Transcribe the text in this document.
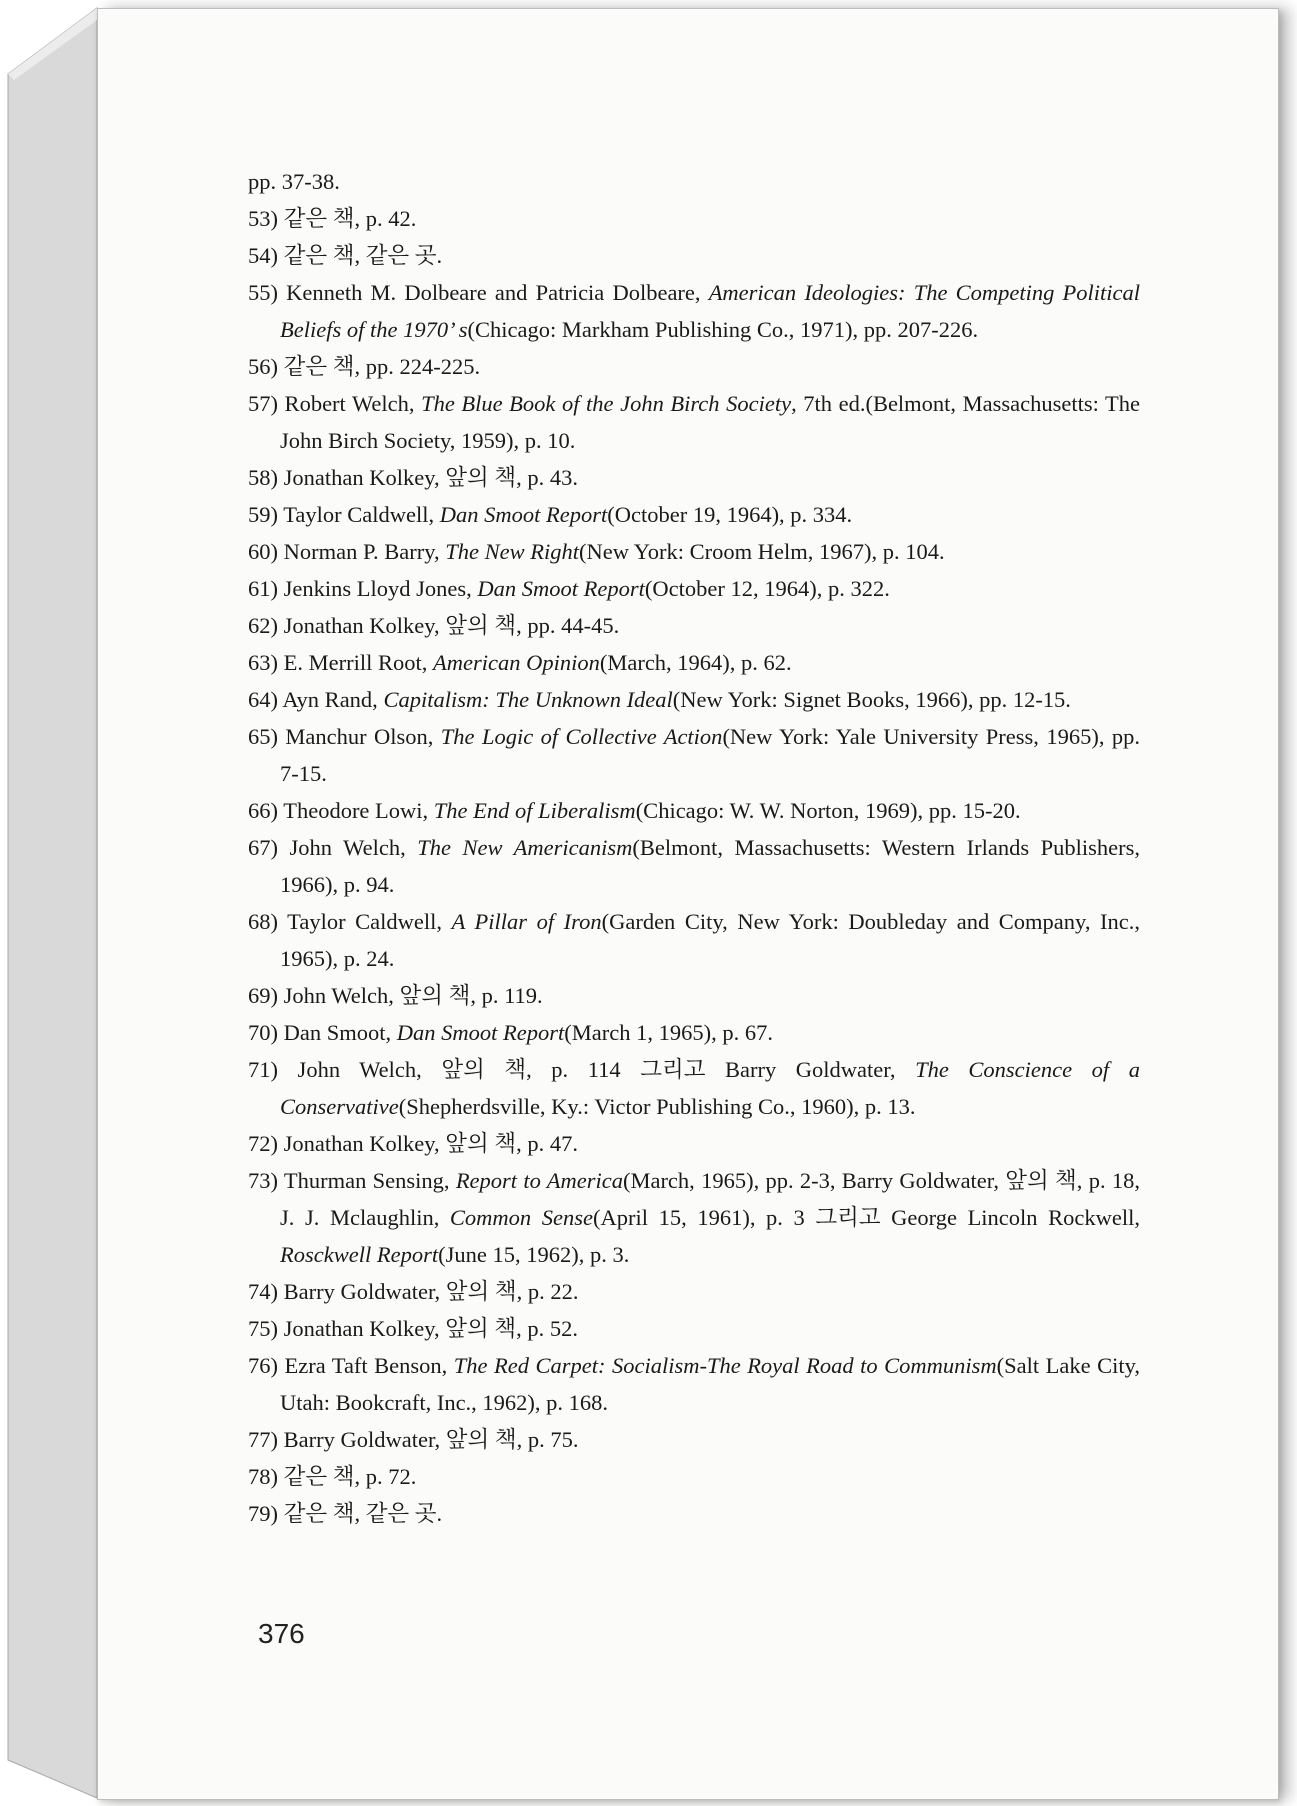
pp. 37-38.

53) 같은 책, p. 42.

54) 같은 책, 같은 곳.

55) Kenneth M. Dolbeare and Patricia Dolbeare, American Ideologies: The Competing Political Beliefs of the 1970’ s(Chicago: Markham Publishing Co., 1971), pp. 207-226.

56) 같은 책, pp. 224-225.

57) Robert Welch, The Blue Book of the John Birch Society, 7th ed.(Belmont, Massachusetts: The John Birch Society, 1959), p. 10.

58) Jonathan Kolkey, 앞의 책, p. 43.

59) Taylor Caldwell, Dan Smoot Report(October 19, 1964), p. 334.

60) Norman P. Barry, The New Right(New York: Croom Helm, 1967), p. 104.

61) Jenkins Lloyd Jones, Dan Smoot Report(October 12, 1964), p. 322.

62) Jonathan Kolkey, 앞의 책, pp. 44-45.

63) E. Merrill Root, American Opinion(March, 1964), p. 62.

64) Ayn Rand, Capitalism: The Unknown Ideal(New York: Signet Books, 1966), pp. 12-15.

65) Manchur Olson, The Logic of Collective Action(New York: Yale University Press, 1965), pp. 7-15.

66) Theodore Lowi, The End of Liberalism(Chicago: W. W. Norton, 1969), pp. 15-20.

67) John Welch, The New Americanism(Belmont, Massachusetts: Western Irlands Publishers, 1966), p. 94.

68) Taylor Caldwell, A Pillar of Iron(Garden City, New York: Doubleday and Company, Inc., 1965), p. 24.

69) John Welch, 앞의 책, p. 119.

70) Dan Smoot, Dan Smoot Report(March 1, 1965), p. 67.

71) John Welch, 앞의 책, p. 114 그리고 Barry Goldwater, The Conscience of a Conservative(Shepherdsville, Ky.: Victor Publishing Co., 1960), p. 13.

72) Jonathan Kolkey, 앞의 책, p. 47.

73) Thurman Sensing, Report to America(March, 1965), pp. 2-3, Barry Goldwater, 앞의 책, p. 18, J. J. Mclaughlin, Common Sense(April 15, 1961), p. 3 그리고 George Lincoln Rockwell, Rosckwell Report(June 15, 1962), p. 3.

74) Barry Goldwater, 앞의 책, p. 22.

75) Jonathan Kolkey, 앞의 책, p. 52.

76) Ezra Taft Benson, The Red Carpet: Socialism-The Royal Road to Communism(Salt Lake City, Utah: Bookcraft, Inc., 1962), p. 168.

77) Barry Goldwater, 앞의 책, p. 75.

78) 같은 책, p. 72.

79) 같은 책, 같은 곳.

376
